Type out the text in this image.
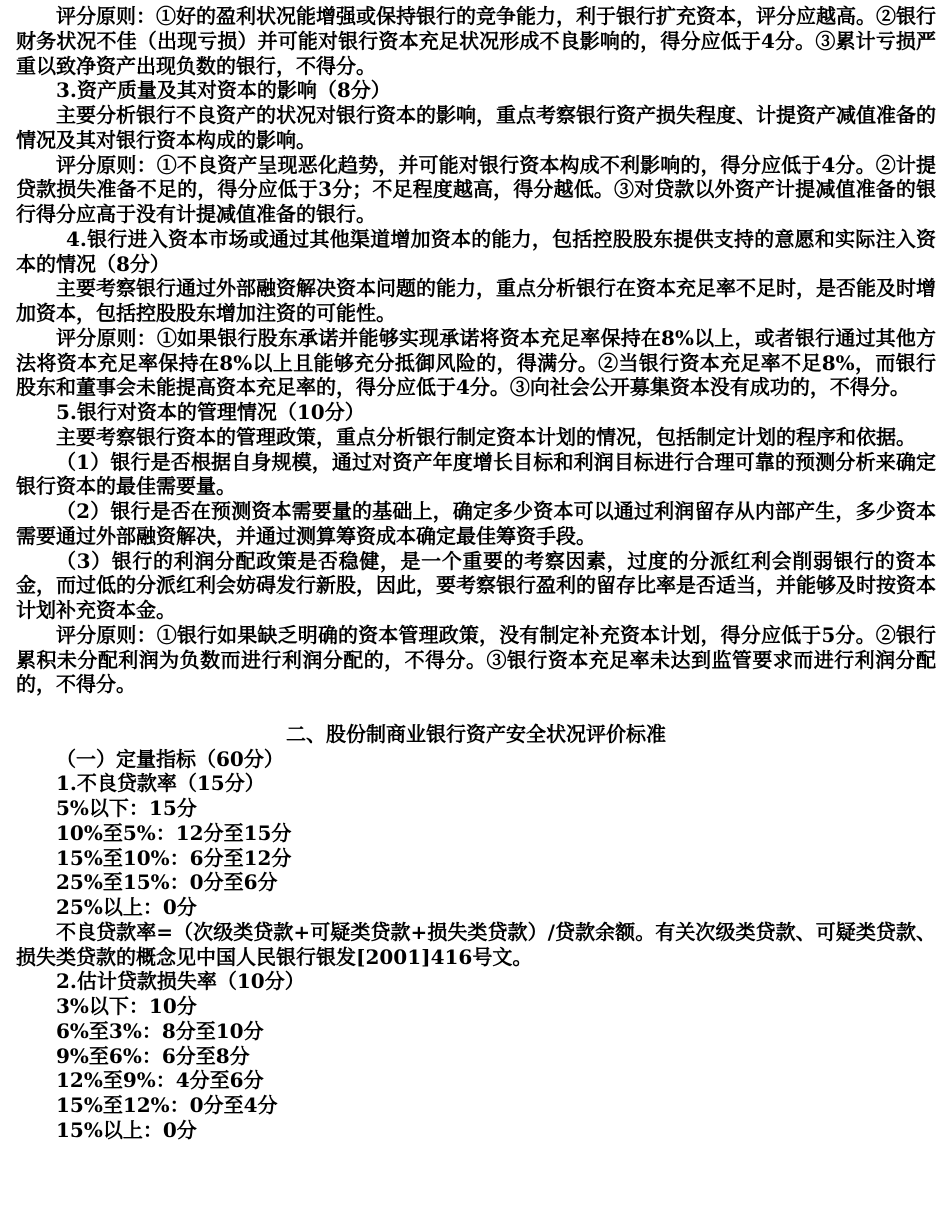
评分原则：①好的盈利状况能增强或保持银行的竞争能力，利于银行扩充资本，评分应越高。②银行财务状况不佳（出现亏损）并可能对银行资本充足状况形成不良影响的，得分应低于4分。③累计亏损严重以致净资产出现负数的银行，不得分。

3.资产质量及其对资本的影响（8分）

主要分析银行不良资产的状况对银行资本的影响，重点考察银行资产损失程度、计提资产减值准备的情况及其对银行资本构成的影响。

评分原则：①不良资产呈现恶化趋势，并可能对银行资本构成不利影响的，得分应低于4分。②计提贷款损失准备不足的，得分应低于3分；不足程度越高，得分越低。③对贷款以外资产计提减值准备的银行得分应高于没有计提减值准备的银行。

4.银行进入资本市场或通过其他渠道增加资本的能力，包括控股股东提供支持的意愿和实际注入资本的情况（8分）

主要考察银行通过外部融资解决资本问题的能力，重点分析银行在资本充足率不足时，是否能及时增加资本，包括控股股东增加注资的可能性。

评分原则：①如果银行股东承诺并能够实现承诺将资本充足率保持在8%以上，或者银行通过其他方法将资本充足率保持在8%以上且能够充分抵御风险的，得满分。②当银行资本充足率不足8%，而银行股东和董事会未能提高资本充足率的，得分应低于4分。③向社会公开募集资本没有成功的，不得分。

5.银行对资本的管理情况（10分）

主要考察银行资本的管理政策，重点分析银行制定资本计划的情况，包括制定计划的程序和依据。

（1）银行是否根据自身规模，通过对资产年度增长目标和利润目标进行合理可靠的预测分析来确定银行资本的最佳需要量。

（2）银行是否在预测资本需要量的基础上，确定多少资本可以通过利润留存从内部产生，多少资本需要通过外部融资解决，并通过测算筹资成本确定最佳筹资手段。

（3）银行的利润分配政策是否稳健，是一个重要的考察因素，过度的分派红利会削弱银行的资本金，而过低的分派红利会妨碍发行新股，因此，要考察银行盈利的留存比率是否适当，并能够及时按资本计划补充资本金。

评分原则：①银行如果缺乏明确的资本管理政策，没有制定补充资本计划，得分应低于5分。②银行累积未分配利润为负数而进行利润分配的，不得分。③银行资本充足率未达到监管要求而进行利润分配的，不得分。

二、股份制商业银行资产安全状况评价标准

（一）定量指标（60分）

1.不良贷款率（15分）

5%以下：15分

10%至5%：12分至15分

15%至10%：6分至12分

25%至15%：0分至6分

25%以上：0分

不良贷款率=（次级类贷款+可疑类贷款+损失类贷款）/贷款余额。有关次级类贷款、可疑类贷款、损失类贷款的概念见中国人民银行银发[2001]416号文。

2.估计贷款损失率（10分）

3%以下：10分

6%至3%：8分至10分

9%至6%：6分至8分

12%至9%：4分至6分

15%至12%：0分至4分

15%以上：0分
